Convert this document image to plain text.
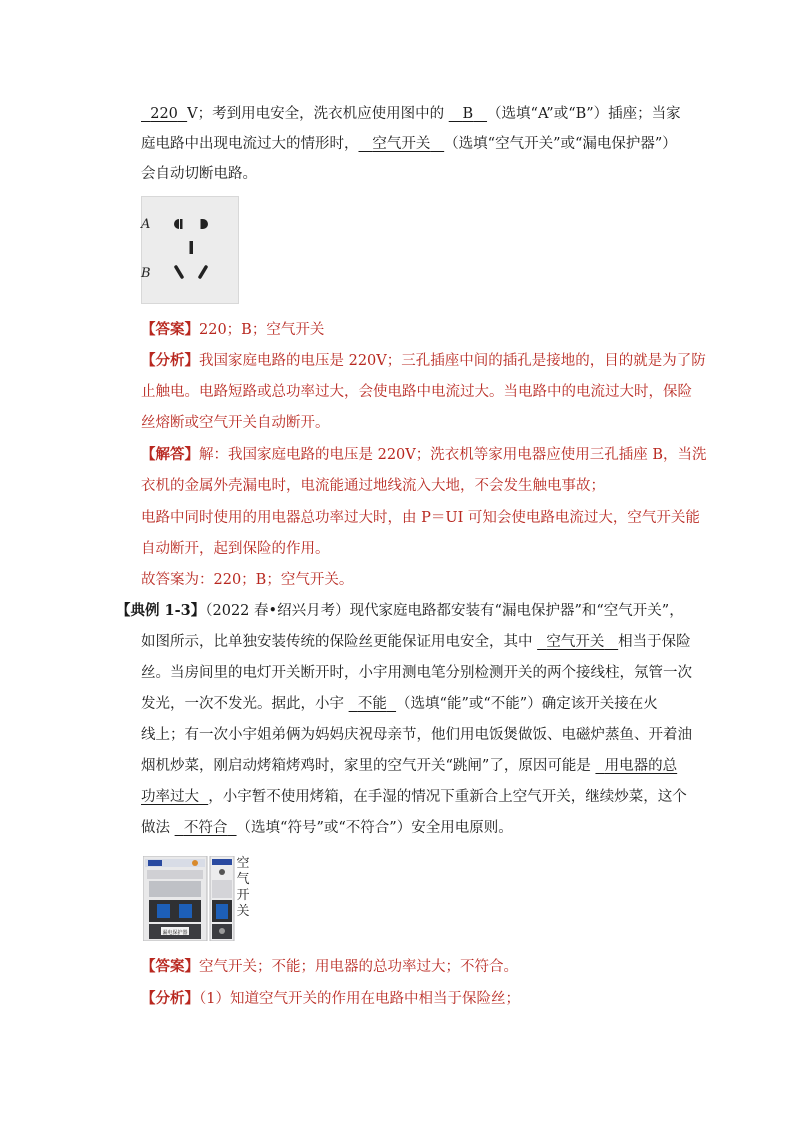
220 V；考到用电安全，洗衣机应使用图中的 B （选填“A”或“B”）插座；当家
庭电路中出现电流过大的情形时， 空气开关 （选填“空气开关”或“漏电保护器”）
会自动切断电路。
A
B
【答案】220；B；空气开关
【分析】我国家庭电路的电压是 220V；三孔插座中间的插孔是接地的，目的就是为了防
止触电。电路短路或总功率过大，会使电路中电流过大。当电路中的电流过大时，保险
丝熔断或空气开关自动断开。
【解答】解：我国家庭电路的电压是 220V；洗衣机等家用电器应使用三孔插座 B，当洗
衣机的金属外壳漏电时，电流能通过地线流入大地，不会发生触电事故；
电路中同时使用的用电器总功率过大时，由 P＝UI 可知会使电路电流过大，空气开关能
自动断开，起到保险的作用。
故答案为：220；B；空气开关。
【典例 1-3】（2022 春•绍兴月考）现代家庭电路都安装有“漏电保护器”和“空气开关”，
如图所示，比单独安装传统的保险丝更能保证用电安全，其中 空气开关 相当于保险
丝。当房间里的电灯开关断开时，小宇用测电笔分别检测开关的两个接线柱，氖管一次
发光，一次不发光。据此，小宇 不能 （选填“能”或“不能”）确定该开关接在火
线上；有一次小宇姐弟俩为妈妈庆祝母亲节，他们用电饭煲做饭、电磁炉蒸鱼、开着油
烟机炒菜，刚启动烤箱烤鸡时，家里的空气开关“跳闸”了，原因可能是 用电器的总
功率过大 ，小宇暂不使用烤箱，在手湿的情况下重新合上空气开关，继续炒菜，这个
做法 不符合 （选填“符号”或“不符合”）安全用电原则。
漏电保护器
空
气
开
关
【答案】空气开关；不能；用电器的总功率过大；不符合。
【分析】（1）知道空气开关的作用在电路中相当于保险丝；
